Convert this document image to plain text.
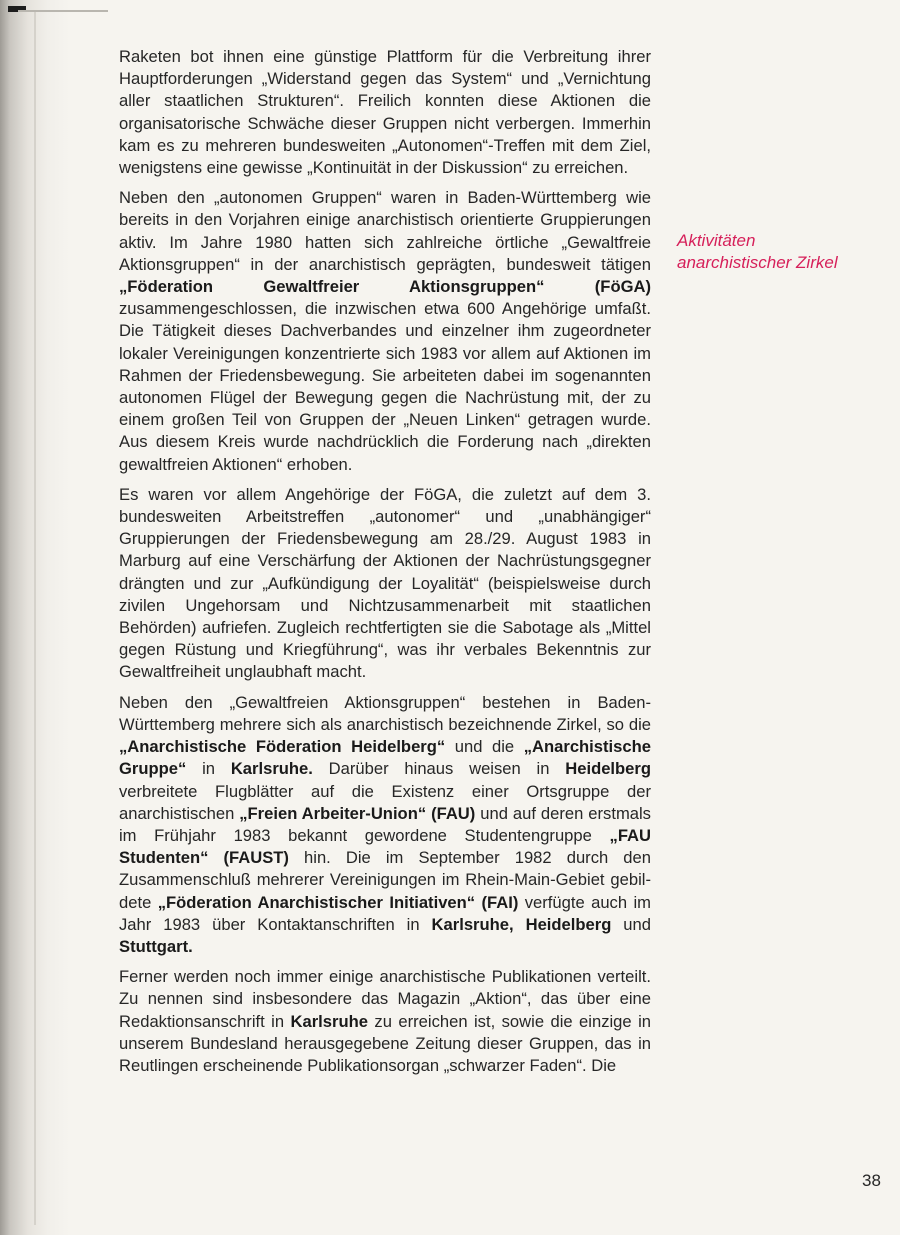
Raketen bot ihnen eine günstige Plattform für die Verbreitung ihrer Hauptforderungen „Widerstand gegen das System“ und „Vernichtung aller staatlichen Strukturen“. Freilich konnten diese Aktionen die organisatorische Schwäche dieser Gruppen nicht verbergen. Immerhin kam es zu mehreren bundesweiten „Autonomen“-Treffen mit dem Ziel, wenigstens eine gewisse „Kontinuität in der Diskussion“ zu erreichen.

Neben den „autonomen Gruppen“ waren in Baden-Württemberg wie bereits in den Vorjahren einige anarchistisch orientierte Gruppierungen aktiv. Im Jahre 1980 hatten sich zahlreiche örtliche „Gewaltfreie Aktionsgruppen“ in der anarchistisch geprägten, bundesweit tätigen „Föderation Gewaltfreier Aktionsgruppen“ (FöGA) zusammengeschlossen, die inzwischen etwa 600 Angehörige umfaßt. Die Tätigkeit dieses Dachverbandes und einzelner ihm zugeordneter lokaler Vereinigungen konzentrierte sich 1983 vor allem auf Aktionen im Rahmen der Friedensbewegung. Sie arbeiteten dabei im sogenannten autonomen Flügel der Bewegung gegen die Nachrüstung mit, der zu einem großen Teil von Gruppen der „Neuen Linken“ getragen wurde. Aus diesem Kreis wurde nachdrücklich die Forderung nach „direkten gewaltfreien Aktionen“ erhoben.

Es waren vor allem Angehörige der FöGA, die zuletzt auf dem 3. bundesweiten Arbeitstreffen „autonomer“ und „unabhängiger“ Gruppierungen der Friedensbewegung am 28./29. August 1983 in Marburg auf eine Verschärfung der Aktionen der Nachrüstungsgegner drängten und zur „Aufkündigung der Loyalität“ (beispielsweise durch zivilen Ungehorsam und Nichtzusammenarbeit mit staatlichen Behörden) aufriefen. Zugleich rechtfertigten sie die Sabotage als „Mittel gegen Rüstung und Kriegführung“, was ihr verbales Bekenntnis zur Gewaltfreiheit unglaubhaft macht.

Neben den „Gewaltfreien Aktionsgruppen“ bestehen in Baden-Württemberg mehrere sich als anarchistisch bezeichnende Zirkel, so die „Anarchistische Föderation Heidelberg“ und die „Anarchistische Gruppe“ in Karlsruhe. Darüber hinaus weisen in Heidelberg verbreitete Flugblätter auf die Existenz einer Ortsgruppe der anarchistischen „Freien Arbeiter-Union“ (FAU) und auf deren erstmals im Frühjahr 1983 bekannt gewordene Studentengruppe „FAU Studenten“ (FAUST) hin. Die im September 1982 durch den Zusammenschluß mehrerer Vereinigungen im Rhein-Main-Gebiet gebildete „Föderation Anarchistischer Initiativen“ (FAI) verfügte auch im Jahr 1983 über Kontaktanschriften in Karlsruhe, Heidelberg und Stuttgart.

Ferner werden noch immer einige anarchistische Publikationen verteilt. Zu nennen sind insbesondere das Magazin „Aktion“, das über eine Redaktionsanschrift in Karlsruhe zu erreichen ist, sowie die einzige in unserem Bundesland herausgegebene Zeitung dieser Gruppen, das in Reutlingen erscheinende Publikationsorgan „schwarzer Faden“. Die

Aktivitäten
anarchistischer Zirkel
38
